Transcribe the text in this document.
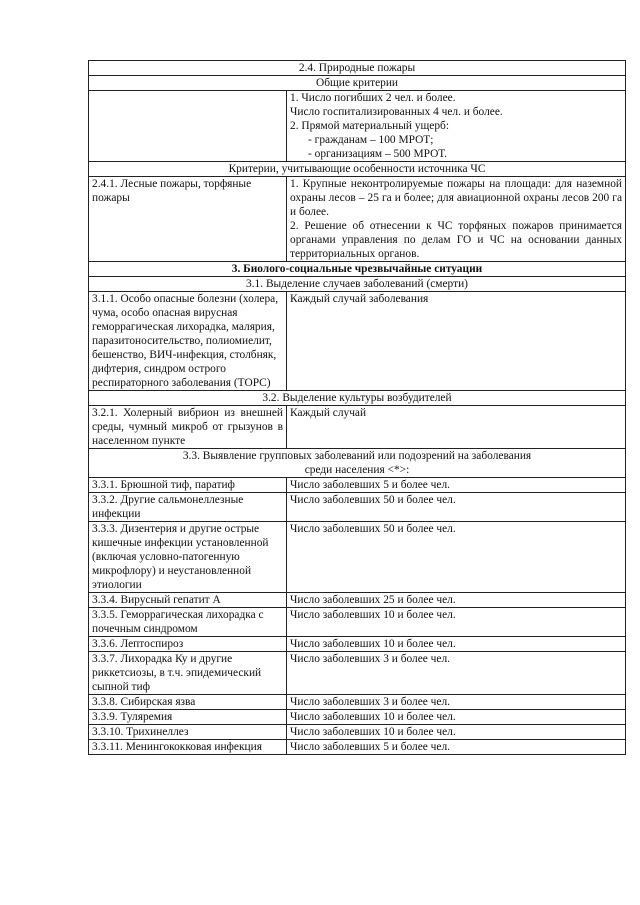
2.4. Природные пожары	
Общие критерии	

	1. Число погибших 2 чел. и более.
Число госпитализированных 4 чел. и более.
2. Прямой материальный ущерб:
- гражданам – 100 МРОТ;
- организациям – 500 МРОТ.

Критерии, учитывающие особенности источника ЧС	
2.4.1. Лесные пожары, торфяные пожары	1. Крупные неконтролируемые пожары на площади: для наземной охраны лесов – 25 га и более; для авиационной охраны лесов 200 га и более.
2. Решение об отнесении к ЧС торфяных пожаров принимается органами управления по делам ГО и ЧС на основании данных территориальных органов.

3. Биолого-социальные чрезвычайные ситуации	
3.1. Выделение случаев заболеваний (смерти)	
3.1.1. Особо опасные болезни (холера, чума, особо опасная вирусная геморрагическая лихорадка, малярия, паразитоносительство, полиомиелит, бешенство, ВИЧ-инфекция, столбняк, дифтерия, синдром острого респираторного заболевания (ТОРС)	Каждый случай заболевания
3.2. Выделение культуры возбудителей	
3.2.1. Холерный вибрион из внешней среды, чумный микроб от грызунов в населенном пункте	Каждый случай

3.3. Выявление групповых заболеваний или подозрений на заболевания
среди населения <*>:	

3.3.1. Брюшной тиф, паратиф	Число заболевших 5 и более чел.
3.3.2. Другие сальмонеллезные инфекции	Число заболевших 50 и более чел.
3.3.3. Дизентерия и другие острые кишечные инфекции установленной (включая условно-патогенную микрофлору) и неустановленной этиологии	Число заболевших 50 и более чел.
3.3.4. Вирусный гепатит А	Число заболевших 25 и более чел.
3.3.5. Геморрагическая лихорадка с почечным синдромом	Число заболевших 10 и более чел.
3.3.6. Лептоспироз	Число заболевших 10 и более чел.
3.3.7. Лихорадка Ку и другие риккетсиозы, в т.ч. эпидемический сыпной тиф	Число заболевших 3 и более чел.
3.3.8. Сибирская язва	Число заболевших 3 и более чел.
3.3.9. Туляремия	Число заболевших 10 и более чел.
3.3.10. Трихинеллез	Число заболевших 10 и более чел.
3.3.11. Менингококковая инфекция	Число заболевших 5 и более чел.
